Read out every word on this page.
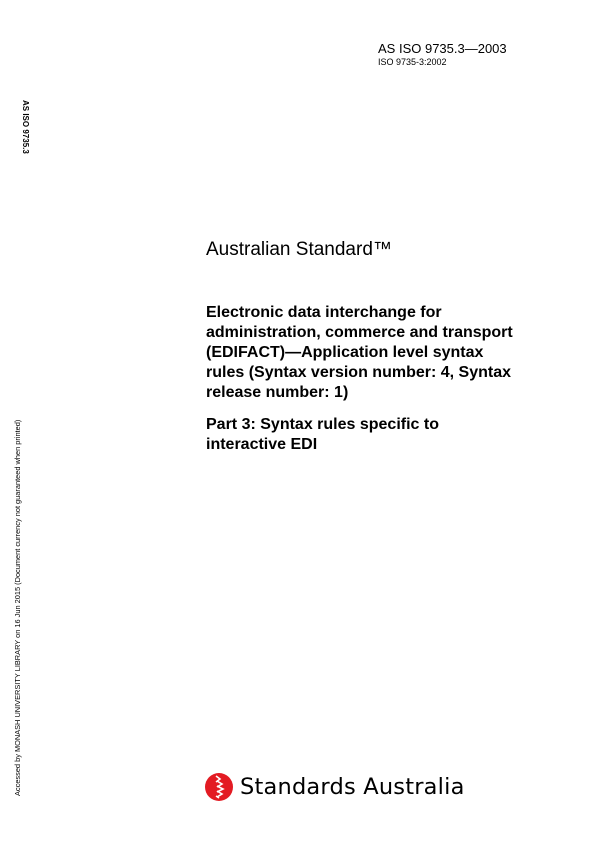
AS ISO 9735.3—2003
ISO 9735-3:2002
AS ISO 9735.3
Accessed by MONASH UNIVERSITY LIBRARY on 16 Jun 2015 (Document currency not guaranteed when printed)
Australian Standard™
Electronic data interchange for
administration, commerce and transport
(EDIFACT)—Application level syntax
rules (Syntax version number: 4, Syntax
release number: 1)
Part 3: Syntax rules specific to
interactive EDI
Standards Australia
